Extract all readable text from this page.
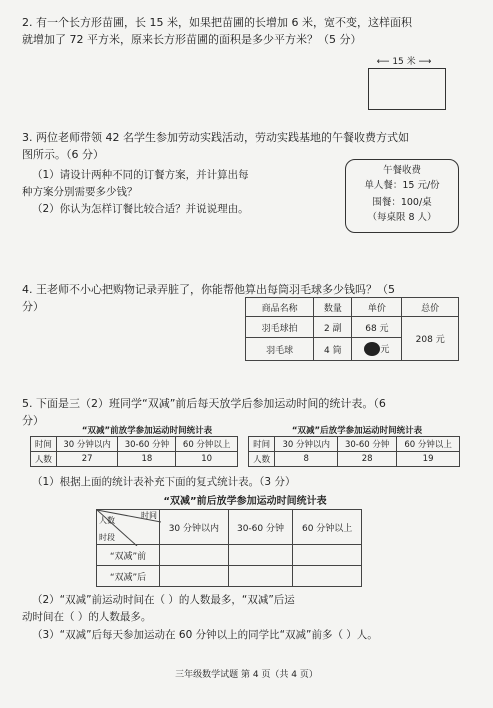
2. 有一个长方形苗圃，长 15 米，如果把苗圃的长增加 6 米，宽不变，这样面积
就增加了 72 平方米，原来长方形苗圃的面积是多少平方米？（5 分）
⟵ 15 米 ⟶
3. 两位老师带领 42 名学生参加劳动实践活动，劳动实践基地的午餐收费方式如
图所示。（6 分）
（1）请设计两种不同的订餐方案，并计算出每
种方案分别需要多少钱？
（2）你认为怎样订餐比较合适？并说说理由。
午餐收费
单人餐：15 元/份
围餐：100/桌
（每桌限 8 人）
4. 王老师不小心把购物记录弄脏了，你能帮他算出每筒羽毛球多少钱吗？（5
分）	商品名称	数量	单价	总价
羽毛球拍	2 副	68 元	208 元
羽毛球	4 筒	元	
5. 下面是三（2）班同学“双减”前后每天放学后参加运动时间的统计表。（6
分）
“双减”前放学参加运动时间统计表
时间	30 分钟以内	30-60 分钟	60 分钟以上
人数	27	18	10
“双减”后放学参加运动时间统计表
时间	30 分钟以内	30-60 分钟	60 分钟以上
人数	8	28	19
（1）根据上面的统计表补充下面的复式统计表。（3 分）
“双减”前后放学参加运动时间统计表
时间
人数
时段	30 分钟以内	30-60 分钟	60 分钟以上
“双减”前			
“双减”后			
（2）“双减”前运动时间在（ ）的人数最多，“双减”后运
动时间在（ ）的人数最多。
（3）“双减”后每天参加运动在 60 分钟以上的同学比“双减”前多（ ）人。
三年级数学试题 第 4 页（共 4 页）
